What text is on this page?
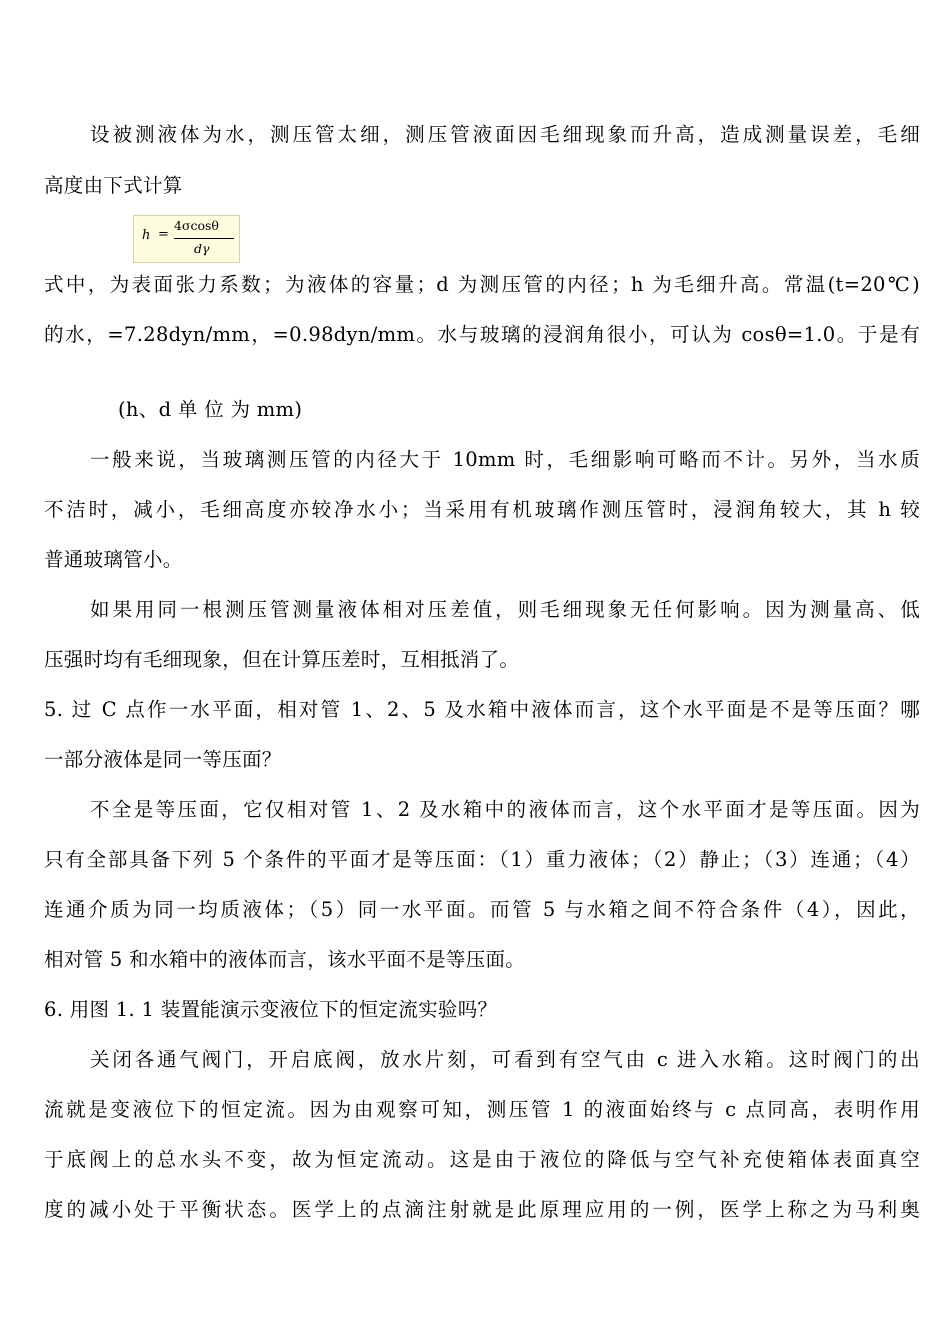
设被测液体为水，测压管太细，测压管液面因毛细现象而升高，造成测量误差，毛细
高度由下式计算
h =
4σcosθ
dγ
式中，为表面张力系数；为液体的容量；d 为测压管的内径；h 为毛细升高。常温(t=20℃)
的水，=7.28dyn/mm，=0.98dyn/mm。水与玻璃的浸润角很小，可认为 cosθ=1.0。于是有
(h、d 单 位 为 mm)
一般来说，当玻璃测压管的内径大于 10mm 时，毛细影响可略而不计。另外，当水质
不洁时，减小，毛细高度亦较净水小；当采用有机玻璃作测压管时，浸润角较大，其 h 较
普通玻璃管小。
如果用同一根测压管测量液体相对压差值，则毛细现象无任何影响。因为测量高、低
压强时均有毛细现象，但在计算压差时，互相抵消了。
5. 过 C 点作一水平面，相对管 1、2、5 及水箱中液体而言，这个水平面是不是等压面？哪
一部分液体是同一等压面？
不全是等压面，它仅相对管 1、2 及水箱中的液体而言，这个水平面才是等压面。因为
只有全部具备下列 5 个条件的平面才是等压面：（1）重力液体；（2）静止；（3）连通；（4）
连通介质为同一均质液体；（5）同一水平面。而管 5 与水箱之间不符合条件（4），因此，
相对管 5 和水箱中的液体而言，该水平面不是等压面。
6. 用图 1. 1 装置能演示变液位下的恒定流实验吗？
关闭各通气阀门，开启底阀，放水片刻，可看到有空气由 c 进入水箱。这时阀门的出
流就是变液位下的恒定流。因为由观察可知，测压管 1 的液面始终与 c 点同高，表明作用
于底阀上的总水头不变，故为恒定流动。这是由于液位的降低与空气补充使箱体表面真空
度的减小处于平衡状态。医学上的点滴注射就是此原理应用的一例，医学上称之为马利奥
